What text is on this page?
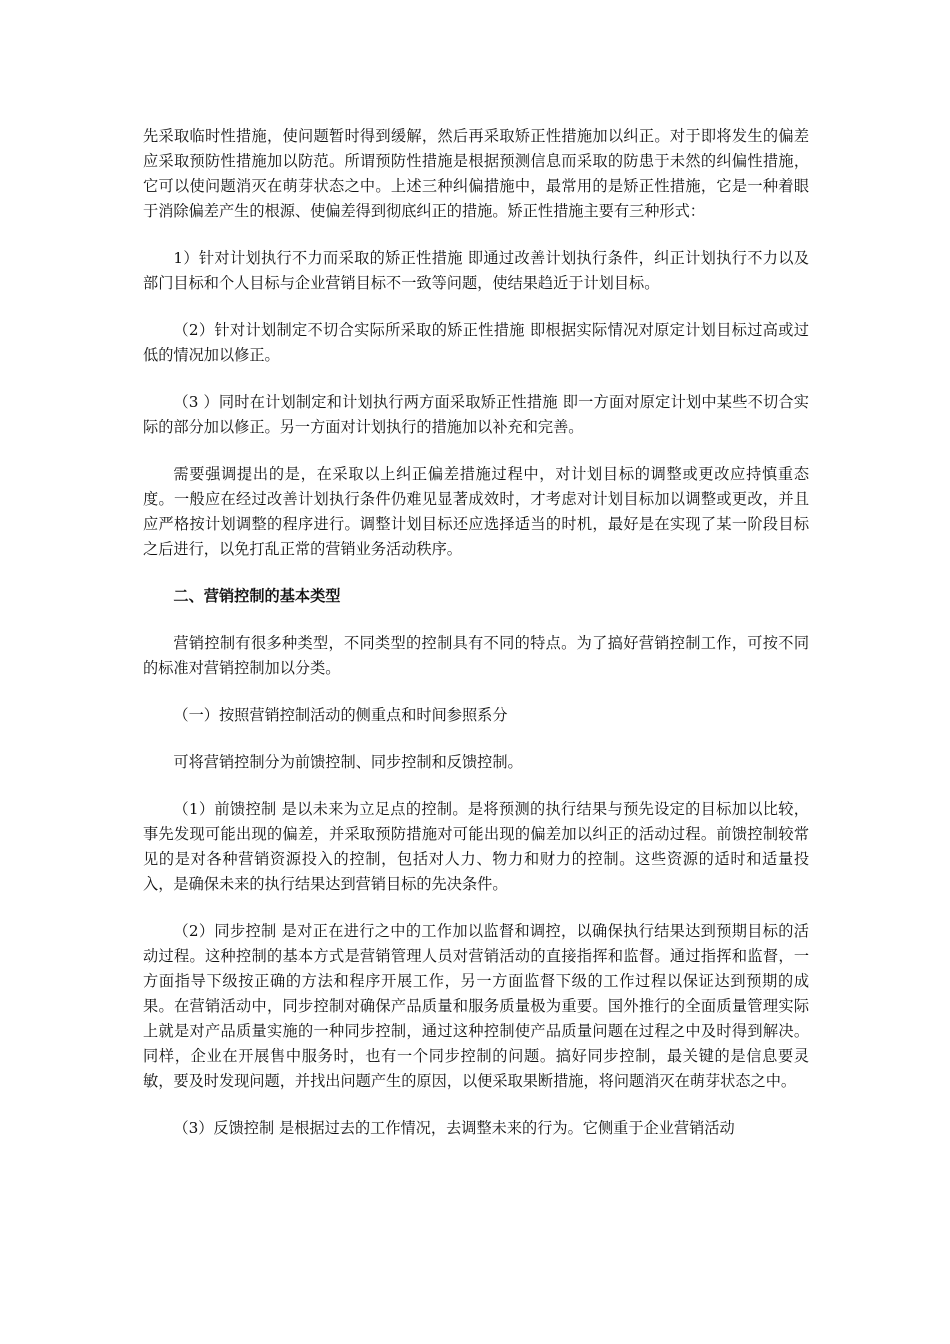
先采取临时性措施，使问题暂时得到缓解，然后再采取矫正性措施加以纠正。对于即将发生的偏差应采取预防性措施加以防范。所谓预防性措施是根据预测信息而采取的防患于未然的纠偏性措施，它可以使问题消灭在萌芽状态之中。上述三种纠偏措施中，最常用的是矫正性措施，它是一种着眼于消除偏差产生的根源、使偏差得到彻底纠正的措施。矫正性措施主要有三种形式：

1）针对计划执行不力而采取的矫正性措施 即通过改善计划执行条件，纠正计划执行不力以及部门目标和个人目标与企业营销目标不一致等问题，使结果趋近于计划目标。

（2）针对计划制定不切合实际所采取的矫正性措施 即根据实际情况对原定计划目标过高或过低的情况加以修正。

（3 ）同时在计划制定和计划执行两方面采取矫正性措施 即一方面对原定计划中某些不切合实际的部分加以修正。另一方面对计划执行的措施加以补充和完善。

需要强调提出的是，在采取以上纠正偏差措施过程中，对计划目标的调整或更改应持慎重态度。一般应在经过改善计划执行条件仍难见显著成效时，才考虑对计划目标加以调整或更改，并且应严格按计划调整的程序进行。调整计划目标还应选择适当的时机，最好是在实现了某一阶段目标之后进行，以免打乱正常的营销业务活动秩序。

二、营销控制的基本类型

营销控制有很多种类型，不同类型的控制具有不同的特点。为了搞好营销控制工作，可按不同的标准对营销控制加以分类。

（一）按照营销控制活动的侧重点和时间参照系分

可将营销控制分为前馈控制、同步控制和反馈控制。

（1）前馈控制 是以未来为立足点的控制。是将预测的执行结果与预先设定的目标加以比较，事先发现可能出现的偏差，并采取预防措施对可能出现的偏差加以纠正的活动过程。前馈控制较常见的是对各种营销资源投入的控制，包括对人力、物力和财力的控制。这些资源的适时和适量投入，是确保未来的执行结果达到营销目标的先决条件。

（2）同步控制 是对正在进行之中的工作加以监督和调控，以确保执行结果达到预期目标的活动过程。这种控制的基本方式是营销管理人员对营销活动的直接指挥和监督。通过指挥和监督，一方面指导下级按正确的方法和程序开展工作，另一方面监督下级的工作过程以保证达到预期的成果。在营销活动中，同步控制对确保产品质量和服务质量极为重要。国外推行的全面质量管理实际上就是对产品质量实施的一种同步控制，通过这种控制使产品质量问题在过程之中及时得到解决。同样，企业在开展售中服务时，也有一个同步控制的问题。搞好同步控制，最关键的是信息要灵敏，要及时发现问题，并找出问题产生的原因，以便采取果断措施，将问题消灭在萌芽状态之中。

（3）反馈控制 是根据过去的工作情况，去调整未来的行为。它侧重于企业营销活动
